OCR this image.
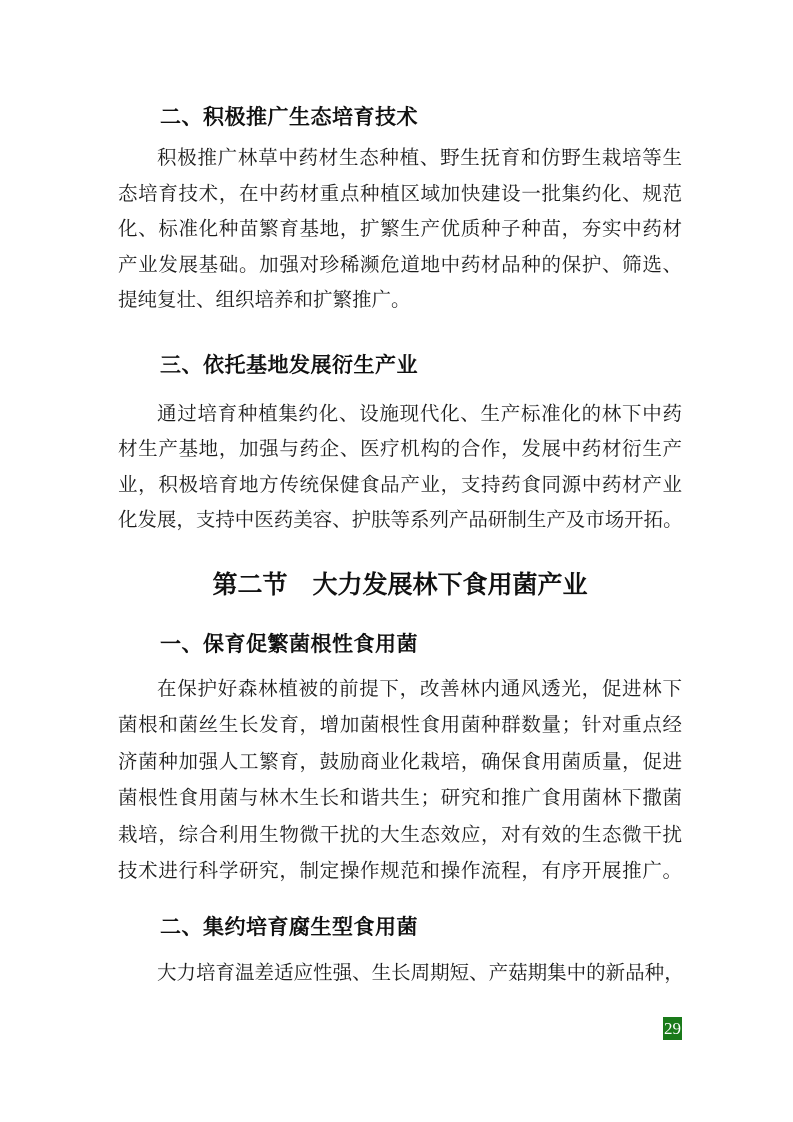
二、积极推广生态培育技术
积极推广林草中药材生态种植、野生抚育和仿野生栽培等生
态培育技术，在中药材重点种植区域加快建设一批集约化、规范
化、标准化种苗繁育基地，扩繁生产优质种子种苗，夯实中药材
产业发展基础。加强对珍稀濒危道地中药材品种的保护、筛选、
提纯复壮、组织培养和扩繁推广。
三、依托基地发展衍生产业
通过培育种植集约化、设施现代化、生产标准化的林下中药
材生产基地，加强与药企、医疗机构的合作，发展中药材衍生产
业，积极培育地方传统保健食品产业，支持药食同源中药材产业
化发展，支持中医药美容、护肤等系列产品研制生产及市场开拓。
第二节　大力发展林下食用菌产业
一、保育促繁菌根性食用菌
在保护好森林植被的前提下，改善林内通风透光，促进林下
菌根和菌丝生长发育，增加菌根性食用菌种群数量；针对重点经
济菌种加强人工繁育，鼓励商业化栽培，确保食用菌质量，促进
菌根性食用菌与林木生长和谐共生；研究和推广食用菌林下撒菌
栽培，综合利用生物微干扰的大生态效应，对有效的生态微干扰
技术进行科学研究，制定操作规范和操作流程，有序开展推广。
二、集约培育腐生型食用菌
大力培育温差适应性强、生长周期短、产菇期集中的新品种，
29
